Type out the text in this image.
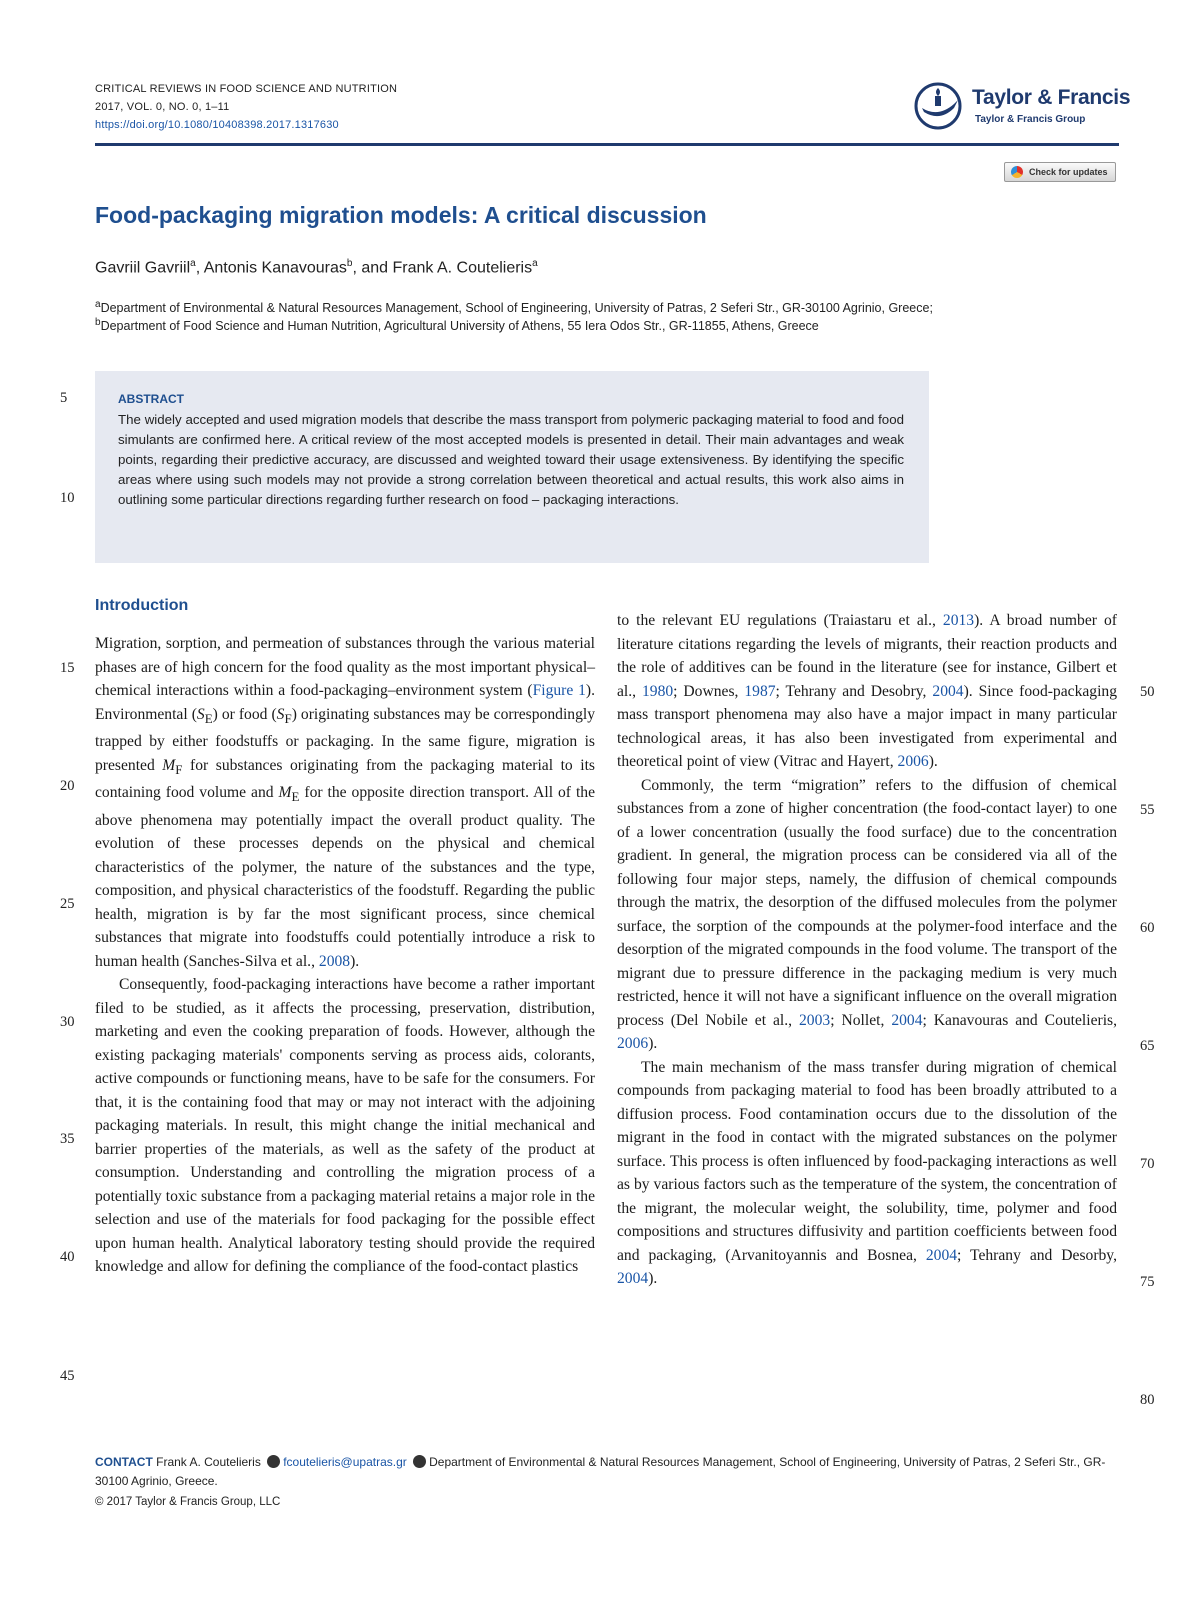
CRITICAL REVIEWS IN FOOD SCIENCE AND NUTRITION
2017, VOL. 0, NO. 0, 1–11
https://doi.org/10.1080/10408398.2017.1317630
Taylor & Francis
Taylor & Francis Group
Check for updates
Food-packaging migration models: A critical discussion
Gavriil Gavriil$^a$, Antonis Kanavouras$^b$, and Frank A. Coutelieris$^a$
$^a$Department of Environmental & Natural Resources Management, School of Engineering, University of Patras, 2 Seferi Str., GR-30100 Agrinio, Greece;
$^b$Department of Food Science and Human Nutrition, Agricultural University of Athens, 55 Iera Odos Str., GR-11855, Athens, Greece
ABSTRACT
The widely accepted and used migration models that describe the mass transport from polymeric packaging material to food and food simulants are confirmed here. A critical review of the most accepted models is presented in detail. Their main advantages and weak points, regarding their predictive accuracy, are discussed and weighted toward their usage extensiveness. By identifying the specific areas where using such models may not provide a strong correlation between theoretical and actual results, this work also aims in outlining some particular directions regarding further research on food – packaging interactions.
5
10
Introduction
15
20
25
30
35
40
45
50
55
60
65
70
75
80

Migration, sorption, and permeation of substances through the various material phases are of high concern for the food quality as the most important physical–chemical interactions within a food-packaging–environment system (Figure 1). Environmental $(S_E)$ or food $(S_F)$ originating substances may be correspondingly trapped by either foodstuffs or packaging. In the same figure, migration is presented $M_F$ for substances originating from the packaging material to its containing food volume and $M_E$ for the opposite direction transport. All of the above phenomena may potentially impact the overall product quality. The evolution of these processes depends on the physical and chemical characteristics of the polymer, the nature of the substances and the type, composition, and physical characteristics of the foodstuff. Regarding the public health, migration is by far the most significant process, since chemical substances that migrate into foodstuffs could potentially introduce a risk to human health (Sanches-Silva et al., 2008).

Consequently, food-packaging interactions have become a rather important filed to be studied, as it affects the processing, preservation, distribution, marketing and even the cooking preparation of foods. However, although the existing packaging materials' components serving as process aids, colorants, active compounds or functioning means, have to be safe for the consumers. For that, it is the containing food that may or may not interact with the adjoining packaging materials. In result, this might change the initial mechanical and barrier properties of the materials, as well as the safety of the product at consumption. Understanding and controlling the migration process of a potentially toxic substance from a packaging material retains a major role in the selection and use of the materials for food packaging for the possible effect upon human health. Analytical laboratory testing should provide the required knowledge and allow for defining the compliance of the food-contact plastics

to the relevant EU regulations (Traiastaru et al., 2013). A broad number of literature citations regarding the levels of migrants, their reaction products and the role of additives can be found in the literature (see for instance, Gilbert et al., 1980; Downes, 1987; Tehrany and Desobry, 2004). Since food-packaging mass transport phenomena may also have a major impact in many particular technological areas, it has also been investigated from experimental and theoretical point of view (Vitrac and Hayert, 2006).

Commonly, the term “migration” refers to the diffusion of chemical substances from a zone of higher concentration (the food-contact layer) to one of a lower concentration (usually the food surface) due to the concentration gradient. In general, the migration process can be considered via all of the following four major steps, namely, the diffusion of chemical compounds through the matrix, the desorption of the diffused molecules from the polymer surface, the sorption of the compounds at the polymer-food interface and the desorption of the migrated compounds in the food volume. The transport of the migrant due to pressure difference in the packaging medium is very much restricted, hence it will not have a significant influence on the overall migration process (Del Nobile et al., 2003; Nollet, 2004; Kanavouras and Coutelieris, 2006).

The main mechanism of the mass transfer during migration of chemical compounds from packaging material to food has been broadly attributed to a diffusion process. Food contamination occurs due to the dissolution of the migrant in the food in contact with the migrated substances on the polymer surface. This process is often influenced by food-packaging interactions as well as by various factors such as the temperature of the system, the concentration of the migrant, the molecular weight, the solubility, time, polymer and food compositions and structures diffusivity and partition coefficients between food and packaging, (Arvanitoyannis and Bosnea, 2004; Tehrany and Desorby, 2004).

CONTACT Frank A. Coutelieris fcoutelieris@upatras.gr Department of Environmental & Natural Resources Management, School of Engineering, University of Patras, 2 Seferi Str., GR-30100 Agrinio, Greece.
© 2017 Taylor & Francis Group, LLC
